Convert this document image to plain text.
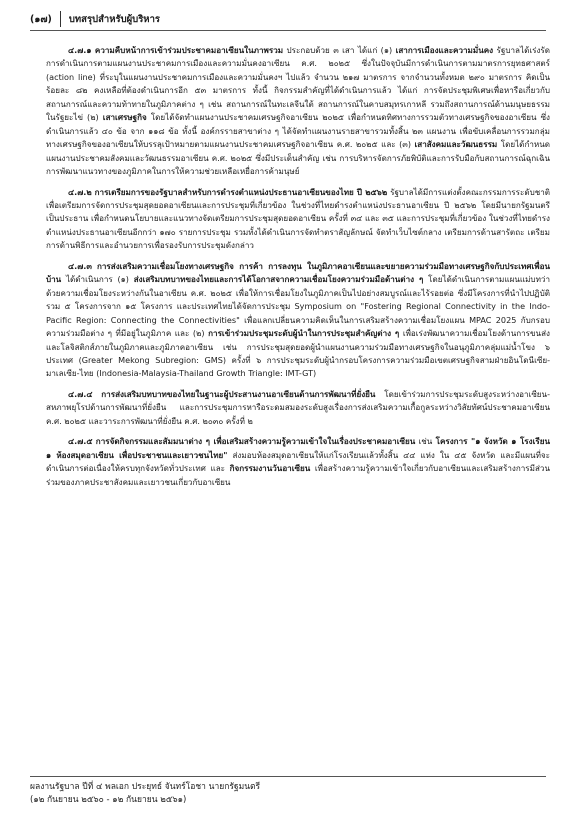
(๑๗) บทสรุปสำหรับผู้บริหาร

๔.๗.๑ ความคืบหน้าการเข้าร่วมประชาคมอาเซียนในภาพรวม ประกอบด้วย ๓ เสา ได้แก่ (๑) เสาการเมืองและความมั่นคง รัฐบาลได้เร่งรัดการดำเนินการตามแผนงานประชาคมการเมืองและความมั่นคงอาเซียน ค.ศ. ๒๐๒๕ ซึ่งในปัจจุบันมีการดำเนินการตามมาตรการยุทธศาสตร์ (action line) ที่ระบุในแผนงานประชาคมการเมืองและความมั่นคงฯ ไปแล้ว จำนวน ๒๑๗ มาตรการ จากจำนวนทั้งหมด ๒๙๐ มาตรการ คิดเป็นร้อยละ ๘๒ คงเหลือที่ต้องดำเนินการอีก ๕๓ มาตรการ ทั้งนี้ กิจกรรมสำคัญที่ได้ดำเนินการแล้ว ได้แก่ การจัดประชุมพิเศษเพื่อหารือเกี่ยวกับสถานการณ์และความท้าทายในภูมิภาคต่าง ๆ เช่น สถานการณ์ในทะเลจีนใต้ สถานการณ์ในคาบสมุทรเกาหลี รวมถึงสถานการณ์ด้านมนุษยธรรมในรัฐยะไข่ (๒) เสาเศรษฐกิจ โดยได้จัดทำแผนงานประชาคมเศรษฐกิจอาเซียน ๒๐๒๕ เพื่อกำหนดทิศทางการรวมตัวทางเศรษฐกิจของอาเซียน ซึ่งดำเนินการแล้ว ๔๐ ข้อ จาก ๑๑๘ ข้อ ทั้งนี้ องค์กรรายสาขาต่าง ๆ ได้จัดทำแผนงานรายสาขารวมทั้งสิ้น ๒๓ แผนงาน เพื่อขับเคลื่อนการรวมกลุ่มทางเศรษฐกิจของอาเซียนให้บรรลุเป้าหมายตามแผนงานประชาคมเศรษฐกิจอาเซียน ค.ศ. ๒๐๒๕ และ (๓) เสาสังคมและวัฒนธรรม โดยได้กำหนดแผนงานประชาคมสังคมและวัฒนธรรมอาเซียน ค.ศ. ๒๐๒๕ ซึ่งมีประเด็นสำคัญ เช่น การบริหารจัดการภัยพิบัติและการรับมือกับสถานการณ์ฉุกเฉิน การพัฒนาแนวทางของภูมิภาคในการให้ความช่วยเหลือเหยื่อการค้ามนุษย์

๔.๗.๒ การเตรียมการของรัฐบาลสำหรับการดำรงตำแหน่งประธานอาเซียนของไทย ปี ๒๕๖๒ รัฐบาลได้มีการแต่งตั้งคณะกรรมการระดับชาติเพื่อเตรียมการจัดการประชุมสุดยอดอาเซียนและการประชุมที่เกี่ยวข้อง ในช่วงที่ไทยดำรงตำแหน่งประธานอาเซียน ปี ๒๕๖๒ โดยมีนายกรัฐมนตรีเป็นประธาน เพื่อกำหนดนโยบายและแนวทางจัดเตรียมการประชุมสุดยอดอาเซียน ครั้งที่ ๓๔ และ ๓๕ และการประชุมที่เกี่ยวข้อง ในช่วงที่ไทยดำรงตำแหน่งประธานอาเซียนอีกกว่า ๑๗๐ รายการประชุม รวมทั้งได้ดำเนินการจัดทำตราสัญลักษณ์ จัดทำเว็บไซต์กลาง เตรียมการด้านสารัตถะ เตรียมการด้านพิธีการและอำนวยการเพื่อรองรับการประชุมดังกล่าว

๔.๗.๓ การส่งเสริมความเชื่อมโยงทางเศรษฐกิจ การค้า การลงทุน ในภูมิภาคอาเซียนและขยายความร่วมมือทางเศรษฐกิจกับประเทศเพื่อนบ้าน ได้ดำเนินการ (๑) ส่งเสริมบทบาทของไทยและการได้โอกาสจากความเชื่อมโยงความร่วมมือด้านต่าง ๆ โดยได้ดำเนินการตามแผนแม่บทว่าด้วยความเชื่อมโยงระหว่างกันในอาเซียน ค.ศ. ๒๐๒๕ เพื่อให้การเชื่อมโยงในภูมิภาคเป็นไปอย่างสมบูรณ์และไร้รอยต่อ ซึ่งมีโครงการที่นำไปปฏิบัติ รวม ๕ โครงการจาก ๑๕ โครงการ และประเทศไทยได้จัดการประชุม Symposium on "Fostering Regional Connectivity in the Indo-Pacific Region: Connecting the Connectivities" เพื่อแลกเปลี่ยนความคิดเห็นในการเสริมสร้างความเชื่อมโยงแผน MPAC 2025 กับกรอบความร่วมมือต่าง ๆ ที่มีอยู่ในภูมิภาค และ (๒) การเข้าร่วมประชุมระดับผู้นำในการประชุมสำคัญต่าง ๆ เพื่อเร่งพัฒนาความเชื่อมโยงด้านการขนส่งและโลจิสติกส์ภายในภูมิภาคและภูมิภาคอาเซียน เช่น การประชุมสุดยอดผู้นำแผนงานความร่วมมือทางเศรษฐกิจในอนุภูมิภาคลุ่มแม่น้ำโขง ๖ ประเทศ (Greater Mekong Subregion: GMS) ครั้งที่ ๖ การประชุมระดับผู้นำกรอบโครงการความร่วมมือเขตเศรษฐกิจสามฝ่ายอินโดนีเซีย-มาเลเซีย-ไทย (Indonesia-Malaysia-Thailand Growth Triangle: IMT-GT)

๔.๗.๔ การส่งเสริมบทบาทของไทยในฐานะผู้ประสานงานอาเซียนด้านการพัฒนาที่ยั่งยืน โดยเข้าร่วมการประชุมระดับสูงระหว่างอาเซียน-สหภาพยุโรปด้านการพัฒนาที่ยั่งยืน และการประชุมการหารือระดมสมองระดับสูงเรื่องการส่งเสริมความเกื้อกูลระหว่างวิสัยทัศน์ประชาคมอาเซียน ค.ศ. ๒๐๒๕ และวาระการพัฒนาที่ยั่งยืน ค.ศ. ๒๐๓๐ ครั้งที่ ๒

๔.๗.๕ การจัดกิจกรรมและสัมมนาต่าง ๆ เพื่อเสริมสร้างความรู้ความเข้าใจในเรื่องประชาคมอาเซียน เช่น โครงการ "๑ จังหวัด ๑ โรงเรียน ๑ ห้องสมุดอาเซียน เพื่อประชาชนและเยาวชนไทย" ส่งมอบห้องสมุดอาเซียนให้แก่โรงเรียนแล้วทั้งสิ้น ๔๔ แห่ง ใน ๔๕ จังหวัด และมีแผนที่จะดำเนินการต่อเนื่องให้ครบทุกจังหวัดทั่วประเทศ และ กิจกรรมงานวันอาเซียน เพื่อสร้างความรู้ความเข้าใจเกี่ยวกับอาเซียนและเสริมสร้างการมีส่วนร่วมของภาคประชาสังคมและเยาวชนเกี่ยวกับอาเซียน

ผลงานรัฐบาล ปีที่ ๔ พลเอก ประยุทธ์ จันทร์โอชา นายกรัฐมนตรี
(๑๒ กันยายน ๒๕๖๐ - ๑๒ กันยายน ๒๕๖๑)
